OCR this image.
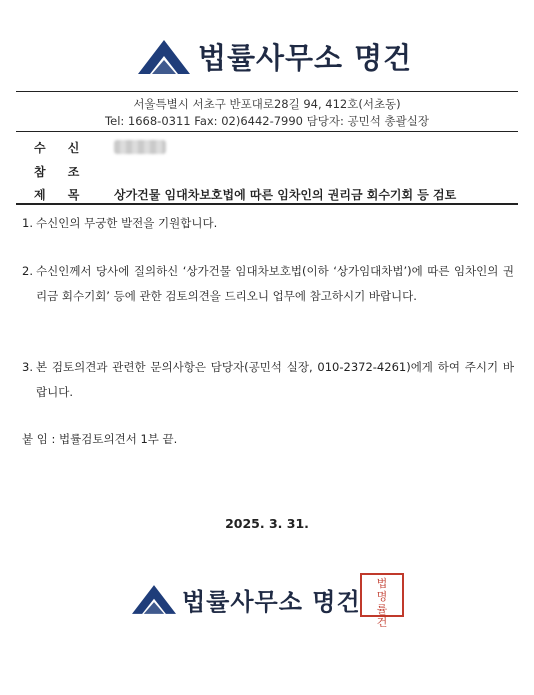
법률사무소 명건
서울특별시 서초구 반포대로28길 94, 412호(서초동)
Tel: 1668-0311 Fax: 02)6442-7990 담당자: 공민석 총괄실장
수 신
참 조
제 목	상가건물 임대차보호법에 따른 임차인의 권리금 회수기회 등 검토
1. 수신인의 무궁한 발전을 기원합니다.
2. 수신인께서 당사에 질의하신 ‘상가건물 임대차보호법(이하 ‘상가임대차법’)에 따른 임차인의 권리금 회수기회’ 등에 관한 검토의견을 드리오니 업무에 참고하시기 바랍니다.
3. 본 검토의견과 관련한 문의사항은 담당자(공민석 실장, 010-2372-4261)에게 하여 주시기 바랍니다.
붙 임 : 법률검토의견서 1부 끝.
2025. 3. 31.
법률사무소 명건
법
명
률
건
